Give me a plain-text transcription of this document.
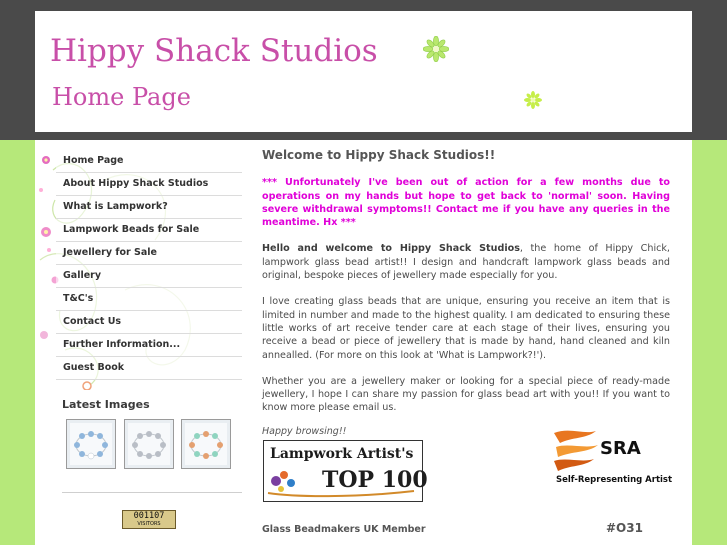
Hippy Shack Studios
Home Page
Home Page
About Hippy Shack Studios
What is Lampwork?
Lampwork Beads for Sale
Jewellery for Sale
Gallery
T&C's
Contact Us
Further Information...
Guest Book
Latest Images
001107
VISITORS
Welcome to Hippy Shack Studios!!
*** Unfortunately I've been out of action for a few months due to operations on my hands but hope to get back to 'normal' soon. Having severe withdrawal symptoms!! Contact me if you have any queries in the meantime. Hx ***
Hello and welcome to Hippy Shack Studios, the home of Hippy Chick, lampwork glass bead artist!! I design and handcraft lampwork glass beads and original, bespoke pieces of jewellery made especially for you.
I love creating glass beads that are unique, ensuring you receive an item that is limited in number and made to the highest quality. I am dedicated to ensuring these little works of art receive tender care at each stage of their lives, ensuring you receive a bead or piece of jewellery that is made by hand, hand cleaned and kiln annealled. (For more on this look at 'What is Lampwork?!').
Whether you are a jewellery maker or looking for a special piece of ready-made jewellery, I hope I can share my passion for glass bead art with you!! If you want to know more please email us.
Happy browsing!!
Lampwork Artist's
TOP 100
SRA
Self-Representing Artist
Glass Beadmakers UK Member	#O31
